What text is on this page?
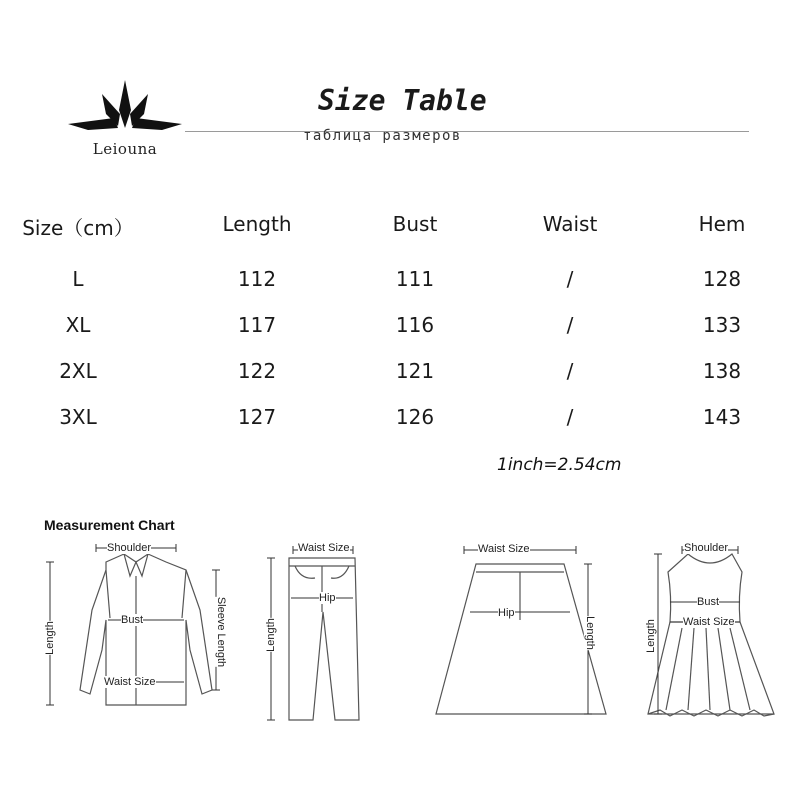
Leiouna
Size Table
таблица размеров
Size（cm）	Length	Bust	Waist	Hem
L	112	111	/	128
XL	117	116	/	133
2XL	122	121	/	138
3XL	127	126	/	143
1inch=2.54cm
Measurement Chart
Shoulder
Bust
Waist Size
Length	Sleeve Length
Waist Size
Hip
Length
Waist Size
Hip
Length
Shoulder
Bust
Waist Size
Length
